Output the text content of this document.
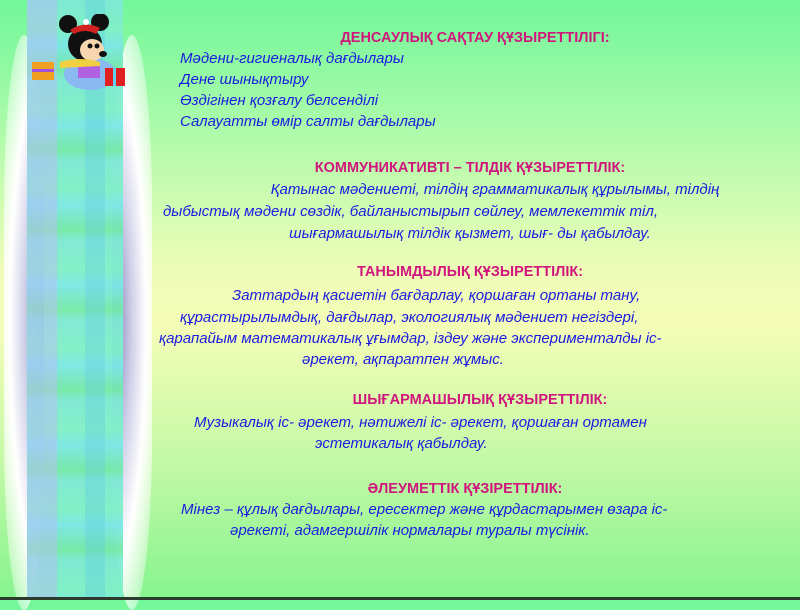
ДЕНСАУЛЫҚ САҚТАУ ҚҰЗЫРЕТТІЛІГІ:
Мәдени-гигиеналық дағдылары
Дене шынықтыру
Өздігінен қозғалу белсенділі
Салауатты өмір салты дағдылары
КОММУНИКАТИВТІ – ТІЛДІК ҚҰЗЫРЕТТІЛІК:
Қатынас мәдениеті, тілдің грамматикалық құрылымы, тілдің
дыбыстық мәдени сөздік, байланыстырып сөйлеу, мемлекеттік тіл,
шығармашылық тілдік қызмет, шығ- ды қабылдау.
ТАНЫМДЫЛЫҚ ҚҰЗЫРЕТТІЛІК:
Заттардың қасиетін бағдарлау, қоршаған ортаны тану,
құрастырылымдық, дағдылар, экологиялық мәдениет негіздері,
қарапайым математикалық ұғымдар, іздеу және эксперименталды іс-
әрекет, ақпаратпен жұмыс.
ШЫҒАРМАШЫЛЫҚ ҚҰЗЫРЕТТІЛІК:
Музыкалық іс- әрекет, нәтижелі іс- әрекет, қоршаған ортамен
эстетикалық қабылдау.
ӘЛЕУМЕТТІК ҚҰЗІРЕТТІЛІК:
Мінез – құлық дағдылары, ересектер және құрдастарымен өзара іс-
әрекеті, адамгершілік нормалары туралы түсінік.
